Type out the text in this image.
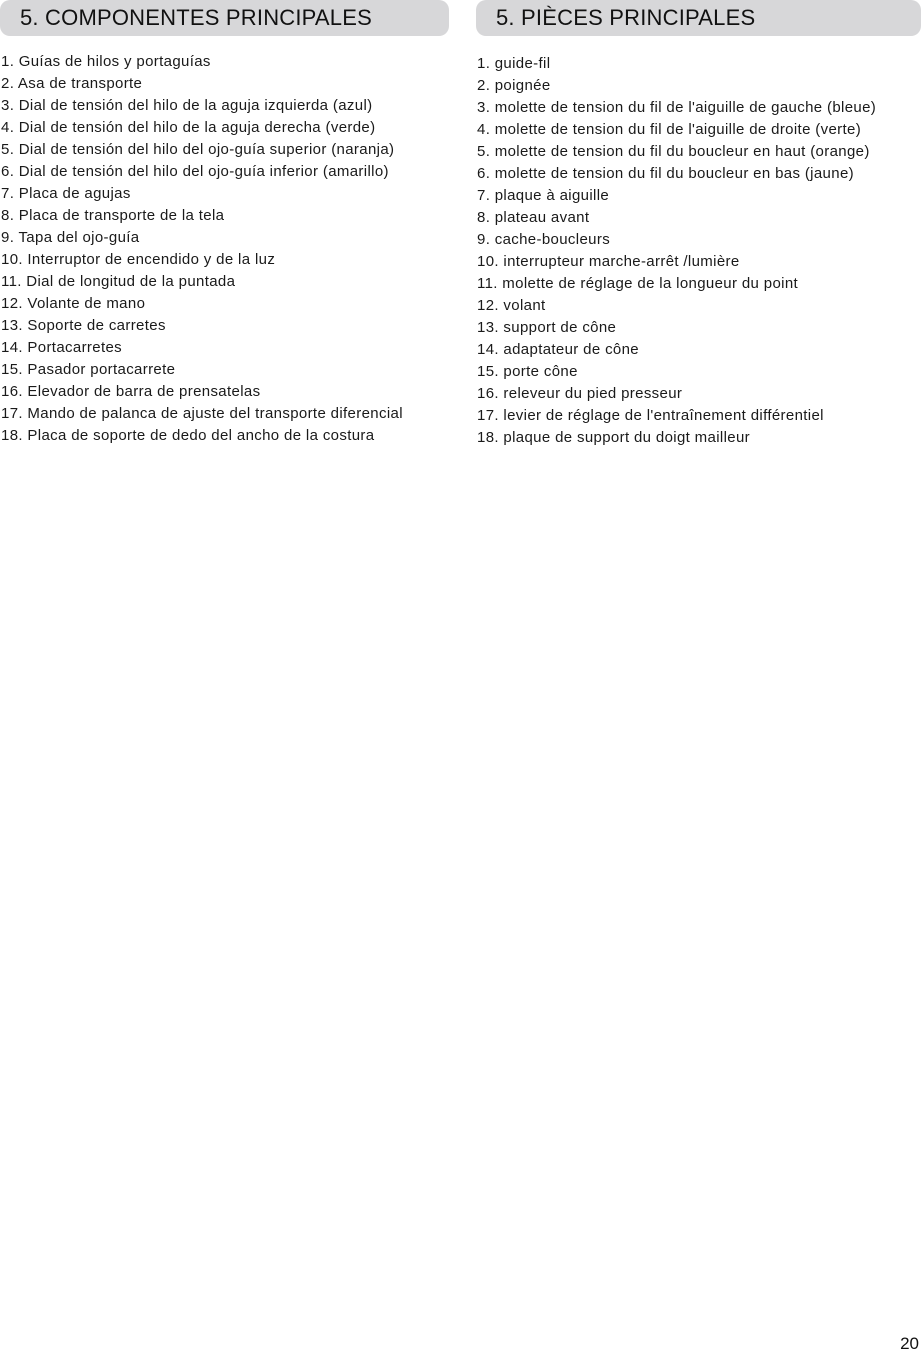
5. COMPONENTES PRINCIPALES
1. Guías de hilos y portaguías
2. Asa de transporte
3. Dial de tensión del hilo de la aguja izquierda (azul)
4. Dial de tensión del hilo de la aguja derecha (verde)
5. Dial de tensión del hilo del ojo-guía superior (naranja)
6. Dial de tensión del hilo del ojo-guía inferior (amarillo)
7. Placa de agujas
8. Placa de transporte de la tela
9. Tapa del ojo-guía
10. Interruptor de encendido y de la luz
11. Dial de longitud de la puntada
12. Volante de mano
13. Soporte de carretes
14. Portacarretes
15. Pasador portacarrete
16. Elevador de barra de prensatelas
17. Mando de palanca de ajuste del transporte diferencial
18. Placa de soporte de dedo del ancho de la costura
5. PIÈCES PRINCIPALES
1. guide-fil
2. poignée
3. molette de tension du fil de l'aiguille de gauche (bleue)
4. molette de tension du fil de l'aiguille de droite (verte)
5. molette de tension du fil du boucleur en haut (orange)
6. molette de tension du fil du boucleur en bas (jaune)
7. plaque à aiguille
8. plateau avant
9. cache-boucleurs
10. interrupteur marche-arrêt /lumière
11. molette de réglage de la longueur du point
12. volant
13. support de cône
14. adaptateur de cône
15. porte cône
16. releveur du pied presseur
17. levier de réglage de l'entraînement différentiel
18. plaque de support du doigt mailleur
20
